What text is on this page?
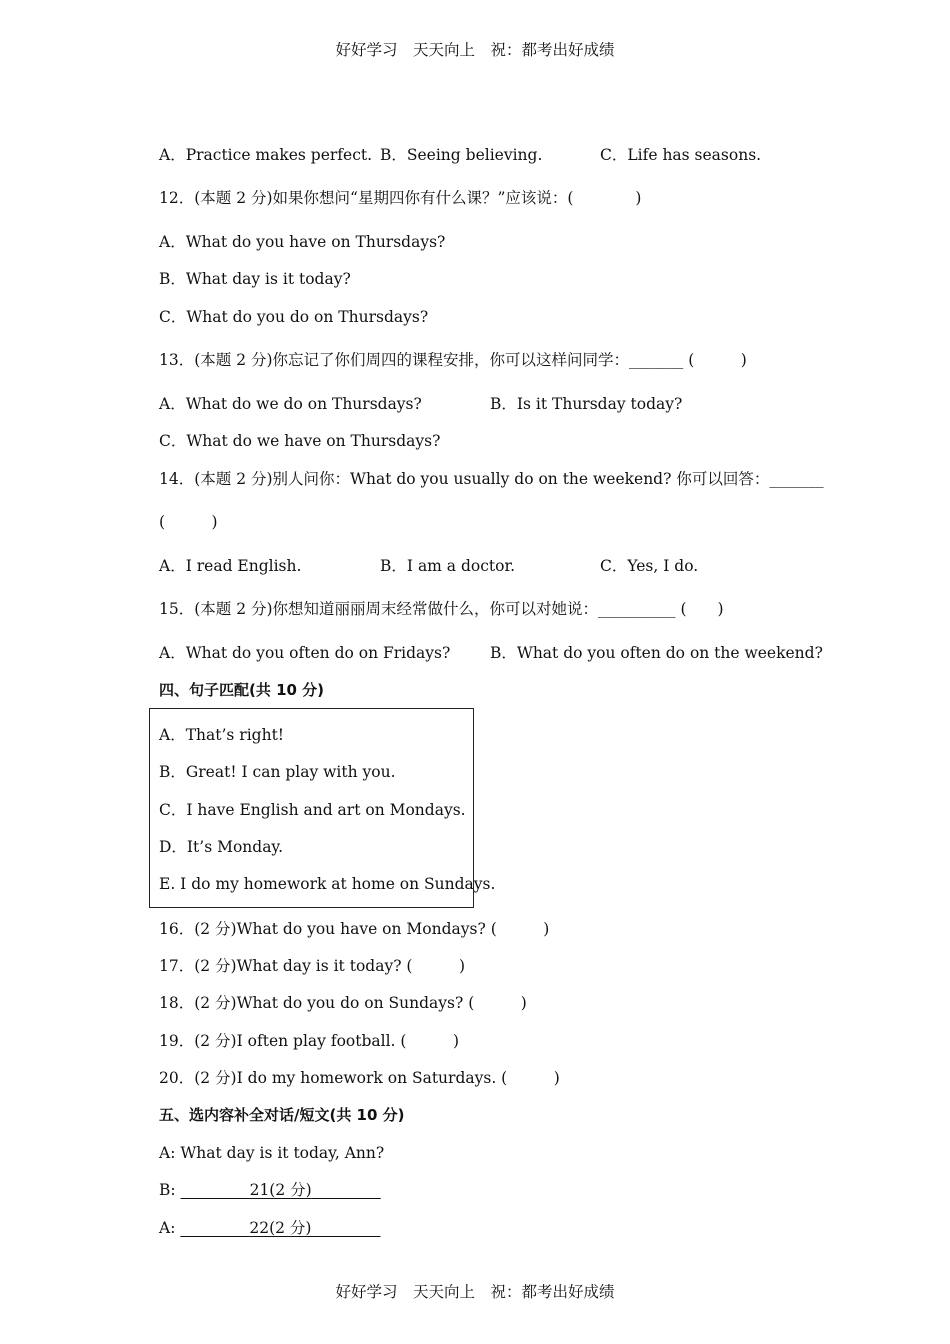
好好学习　天天向上　祝：都考出好成绩
A．Practice makes perfect. B．Seeing believing.	C．Life has seasons.
12．(本题 2 分)如果你想问“星期四你有什么课？”应该说：(　　　　)
A．What do you have on Thursdays?
B．What day is it today?
C．What do you do on Thursdays?
13．(本题 2 分)你忘记了你们周四的课程安排，你可以这样问同学：_______ (　　　)
A．What do we do on Thursdays?	B．Is it Thursday today?
C．What do we have on Thursdays?
14．(本题 2 分)别人问你：What do you usually do on the weekend? 你可以回答：_______
(　　　)
A．I read English.	B．I am a doctor.	C．Yes, I do.
15．(本题 2 分)你想知道丽丽周末经常做什么，你可以对她说：__________ (　　)
A．What do you often do on Fridays?	B．What do you often do on the weekend?
四、句子匹配(共 10 分)
A．That’s right!
B．Great! I can play with you.
C．I have English and art on Mondays.
D．It’s Monday.
E. I do my homework at home on Sundays.
16．(2 分)What do you have on Mondays? (　　　)
17．(2 分)What day is it today? (　　　)
18．(2 分)What do you do on Sundays? (　　　)
19．(2 分)I often play football. (　　　)
20．(2 分)I do my homework on Saturdays. (　　　)
五、选内容补全对话/短文(共 10 分)
A: What day is it today, Ann?
B:        	21(2 分)       
A:        	22(2 分)       
好好学习　天天向上　祝：都考出好成绩
